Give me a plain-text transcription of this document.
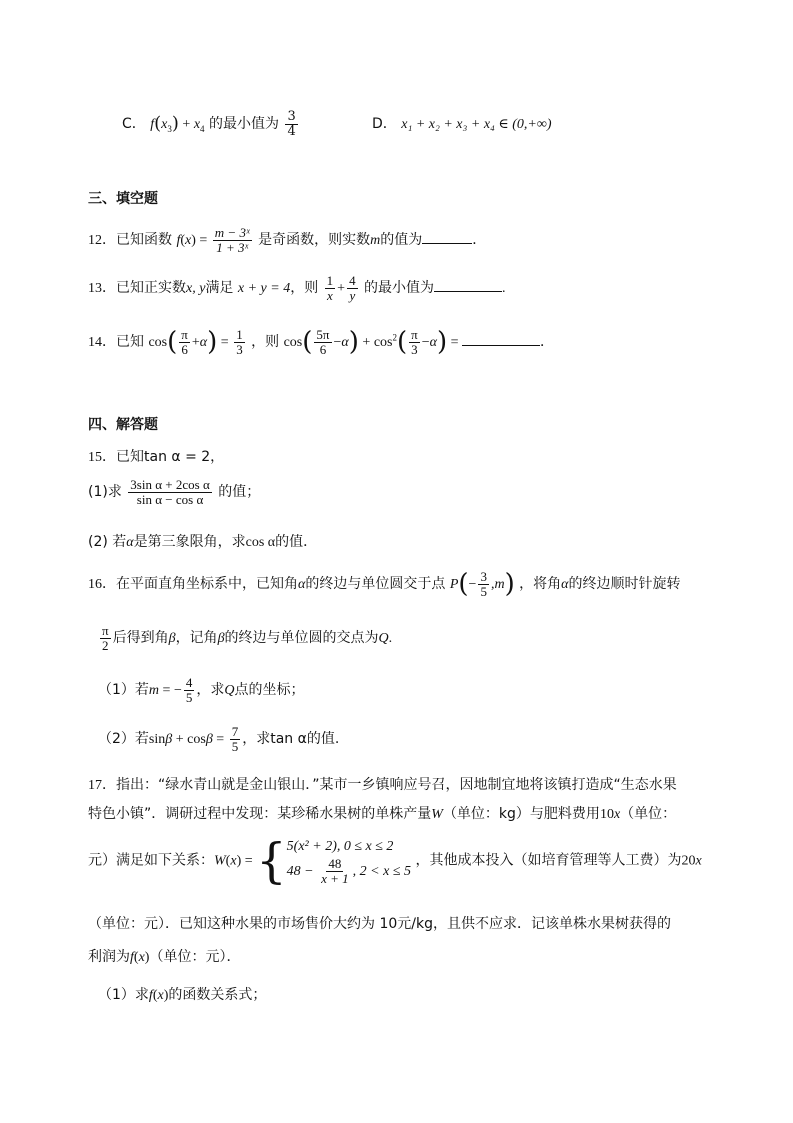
C． $f(x_3) + x_4$ 的最小值为 $\frac{3}{4}$	D． x₁ + x₂ + x₃ + x₄ ∈ (0,+∞)
三、填空题
12．已知函数 $f(x) = \frac{\text{m − 3ˣ}}{\text{1 + 3ˣ}}$ 是奇函数，则实数m的值为	．
13．已知正实数x, y满足 x + y = 4，则 $\frac{1}{x} + \frac{4}{y}$ 的最小值为	.
14．已知 $\cos( \frac{\pi}{6} +\alpha) = \frac{1}{3}$ ，则 $\cos( \frac{5\pi}{6} -\alpha) + \cos^2( \frac{\pi}{3} -\alpha)$ =	．
四、解答题
15．已知tan α = 2，
(1)求 $\frac{\text{3sin α + 2cos α}}{\text{sin α − cos α}}$ 的值；
(2) 若α是第三象限角，求cos α的值．
16．在平面直角坐标系中，已知角α的终边与单位圆交于点 $P(- \frac{3}{5} ,m)$ ，将角α的终边顺时针旋转
$\frac{\pi}{2}$ 后得到角β，记角β的终边与单位圆的交点为Q.
（1）若m = − $\frac{4}{5}$ ，求Q点的坐标；
（2）若$\sin\beta + \cos\beta = \frac{7}{5}$ ，求tan α的值.
17．指出：“绿水青山就是金山银山．”某市一乡镇响应号召，因地制宜地将该镇打造成“生态水果
特色小镇”．调研过程中发现：某珍稀水果树的单株产量W（单位：kg）与肥料费用10x（单位：
元）满足如下关系：W(x) = { 5(x² + 2), 0 ≤ x ≤ 2
$48 - \frac{48}{x + 1}$ , 2 < x ≤ 5
，其他成本投入（如培育管理等人工费）为20x
（单位：元）．已知这种水果的市场售价大约为 10元/kg，且供不应求．记该单株水果树获得的
利润为f(x)（单位：元）．
（1）求f(x)的函数关系式；
